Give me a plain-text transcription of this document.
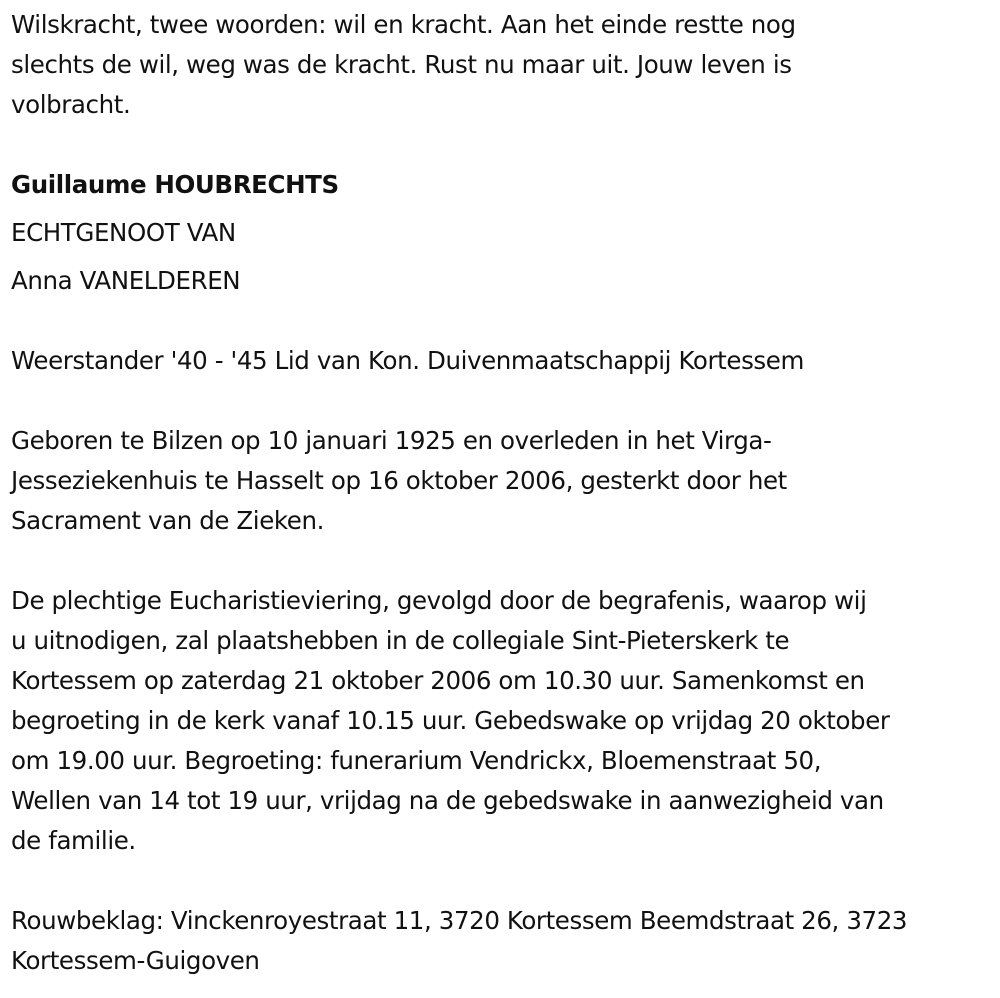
Wilskracht, twee woorden: wil en kracht. Aan het einde restte nog
slechts de wil, weg was de kracht. Rust nu maar uit. Jouw leven is
volbracht.

Guillaume HOUBRECHTS
ECHTGENOOT VAN
Anna VANELDEREN

Weerstander '40 - '45 Lid van Kon. Duivenmaatschappij Kortessem

Geboren te Bilzen op 10 januari 1925 en overleden in het Virga-
Jesseziekenhuis te Hasselt op 16 oktober 2006, gesterkt door het
Sacrament van de Zieken.

De plechtige Eucharistieviering, gevolgd door de begrafenis, waarop wij
u uitnodigen, zal plaatshebben in de collegiale Sint-Pieterskerk te
Kortessem op zaterdag 21 oktober 2006 om 10.30 uur. Samenkomst en
begroeting in de kerk vanaf 10.15 uur. Gebedswake op vrijdag 20 oktober
om 19.00 uur. Begroeting: funerarium Vendrickx, Bloemenstraat 50,
Wellen van 14 tot 19 uur, vrijdag na de gebedswake in aanwezigheid van
de familie.

Rouwbeklag: Vinckenroyestraat 11, 3720 Kortessem Beemdstraat 26, 3723
Kortessem-Guigoven
